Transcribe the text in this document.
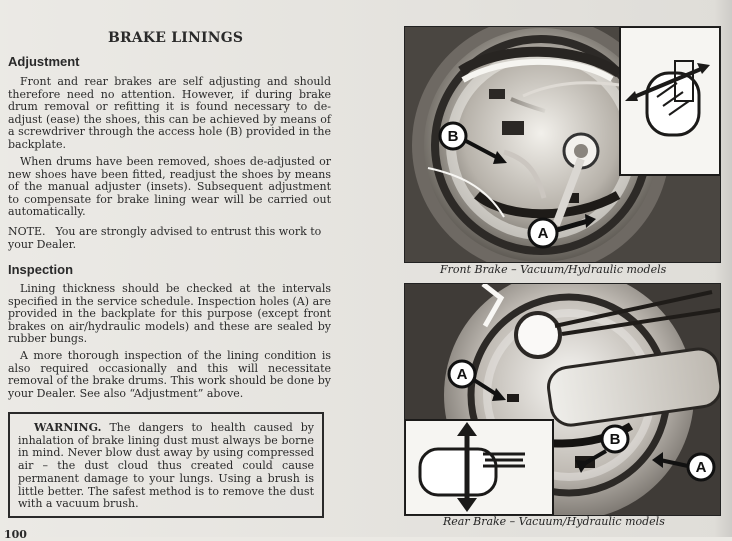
BRAKE LININGS
Adjustment
Front and rear brakes are self adjusting and should therefore need no attention. However, if during brake drum removal or refitting it is found necessary to de-adjust (ease) the shoes, this can be achieved by means of a screwdriver through the access hole (B) provided in the backplate.
When drums have been removed, shoes de-adjusted or new shoes have been fitted, readjust the shoes by means of the manual adjuster (insets). Subsequent adjustment to compensate for brake lining wear will be carried out automatically.
NOTE. You are strongly advised to entrust this work to your Dealer.
Inspection
Lining thickness should be checked at the intervals specified in the service schedule. Inspection holes (A) are provided in the backplate for this purpose (except front brakes on air/hydraulic models) and these are sealed by rubber bungs.
A more thorough inspection of the lining condition is also required occasionally and this will necessitate removal of the brake drums. This work should be done by your Dealer. See also “Adjustment” above.
WARNING. The dangers to health caused by inhalation of brake lining dust must always be borne in mind. Never blow dust away by using compressed air – the dust cloud thus created could cause permanent damage to your lungs. Using a brush is little better. The safest method is to remove the dust with a vacuum brush.
100
B
A
Front Brake – Vacuum/Hydraulic models
A
B
A
Rear Brake – Vacuum/Hydraulic models
